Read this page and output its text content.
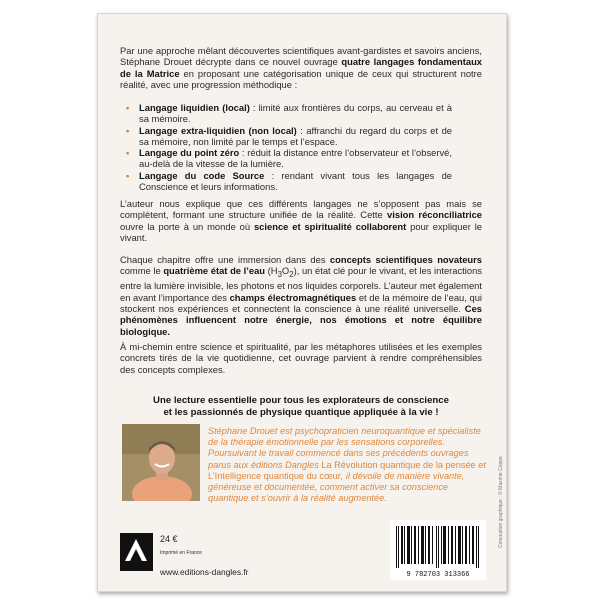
Par une approche mêlant découvertes scientifiques avant-gardistes et savoirs anciens, Stéphane Drouet décrypte dans ce nouvel ouvrage quatre langages fondamentaux de la Matrice en proposant une catégorisation unique de ceux qui structurent notre réalité, avec une progression méthodique :
• Langage liquidien (local) : limité aux frontières du corps, au cerveau et à sa mémoire.
• Langage extra-liquidien (non local) : affranchi du regard du corps et de sa mémoire, non limité par le temps et l’espace.
• Langage du point zéro : réduit la distance entre l’observateur et l’observé, au-delà de la vitesse de la lumière.
• Langage du code Source : rendant vivant tous les langages de Conscience et leurs informations.
L’auteur nous explique que ces différents langages ne s’opposent pas mais se complètent, formant une structure unifiée de la réalité. Cette vision réconciliatrice ouvre la porte à un monde où science et spiritualité collaborent pour expliquer le vivant.
Chaque chapitre offre une immersion dans des concepts scientifiques novateurs comme le quatrième état de l’eau $(H_3O_2)$, un état clé pour le vivant, et les interactions entre la lumière invisible, les photons et nos liquides corporels. L’auteur met également en avant l’importance des champs électromagnétiques et de la mémoire de l’eau, qui stockent nos expériences et connectent la conscience à une réalité universelle. Ces phénomènes influencent notre énergie, nos émotions et notre équilibre biologique.
À mi-chemin entre science et spiritualité, par les métaphores utilisées et les exemples concrets tirés de la vie quotidienne, cet ouvrage parvient à rendre compréhensibles des concepts complexes.
Une lecture essentielle pour tous les explorateurs de conscience
et les passionnés de physique quantique appliquée à la vie !
Stéphane Drouet est psychopraticien neuroquantique et spécialiste de la thérapie émotionnelle par les sensations corporelles. Poursuivant le travail commencé dans ses précédents ouvrages parus aux éditions Dangles La Révolution quantique de la pensée et L’Intelligence quantique du cœur, il dévoile de manière vivante, généreuse et documentée, comment activer sa conscience quantique et s’ouvrir à la réalité augmentée.
24 €
Imprimé en France
www.editions-dangles.fr	9 782703 313366
Conception graphique : © Maxime Coppe
